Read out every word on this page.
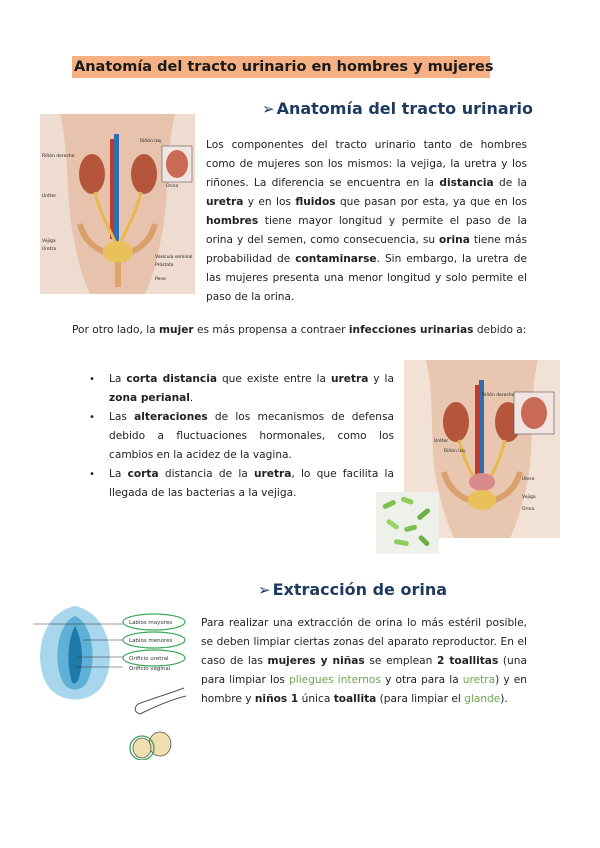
Anatomía del tracto urinario en hombres y mujeres
➢ Anatomía del tracto urinario
Riñón derecho
Uréter
Vejiga
Uretra
Vesícula seminal
Próstata
Pene
Riñón izq.
Orina
Los componentes del tracto urinario tanto de hombres como de mujeres son los mismos: la vejiga, la uretra y los riñones. La diferencia se encuentra en la distancia de la uretra y en los fluidos que pasan por esta, ya que en los hombres tiene mayor longitud y permite el paso de la orina y del semen, como consecuencia, su orina tiene más probabilidad de contaminarse. Sin embargo, la uretra de las mujeres presenta una menor longitud y solo permite el paso de la orina.
Por otro lado, la mujer es más propensa a contraer infecciones urinarias debido a:
• La corta distancia que existe entre la uretra y la zona perianal.
• Las alteraciones de los mecanismos de defensa debido a fluctuaciones hormonales, como los cambios en la acidez de la vagina.
• La corta distancia de la uretra, lo que facilita la llegada de las bacterias a la vejiga.
Riñón derecho
Riñón izq.
Uréter
Útero
Vejiga
Orina
➢ Extracción de orina
Labios mayores
Labios menores
Orificio uretral
Orificio vaginal
Para realizar una extracción de orina lo más estéril posible, se deben limpiar ciertas zonas del aparato reproductor. En el caso de las mujeres y niñas se emplean 2 toallitas (una para limpiar los pliegues internos y otra para la uretra) y en hombre y niños 1 única toallita (para limpiar el glande).
